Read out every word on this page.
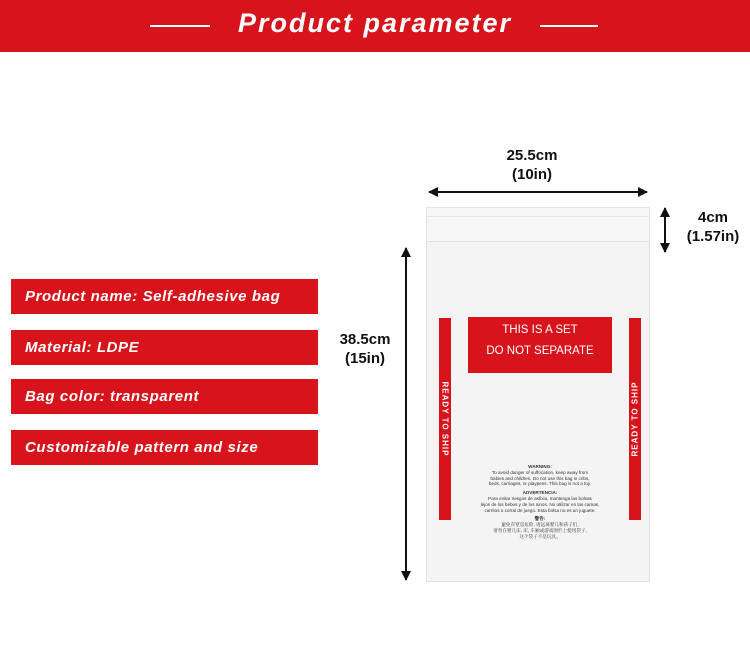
Product parameter
Product name: Self-adhesive bag
Material: LDPE
Bag color: transparent
Customizable pattern and size
25.5cm
(10in)
38.5cm
(15in)
4cm
(1.57in)
READY TO SHIP	READY TO SHIP
THIS IS A SET
DO NOT SEPARATE
WARNING:
To avoid danger of suffocation, keep away from
babies and children. Do not use this bag in cribs,
beds, carriages, or playpens. This bag is not a toy.
ADVERTENCIA:
Para evitar riesgos de asfixia, mantenga las bolsas
lejos de los bebes y de los ninos. No utilizar en las camas,
carritos o corral de juego. Esta bolsa no es un juguete.
警告:
避免有窒息危险, 请远离婴儿和孩子们,
请勿在婴儿床, 床, 车厢或游戏围栏上使用袋子,
这个袋子不是玩具。
